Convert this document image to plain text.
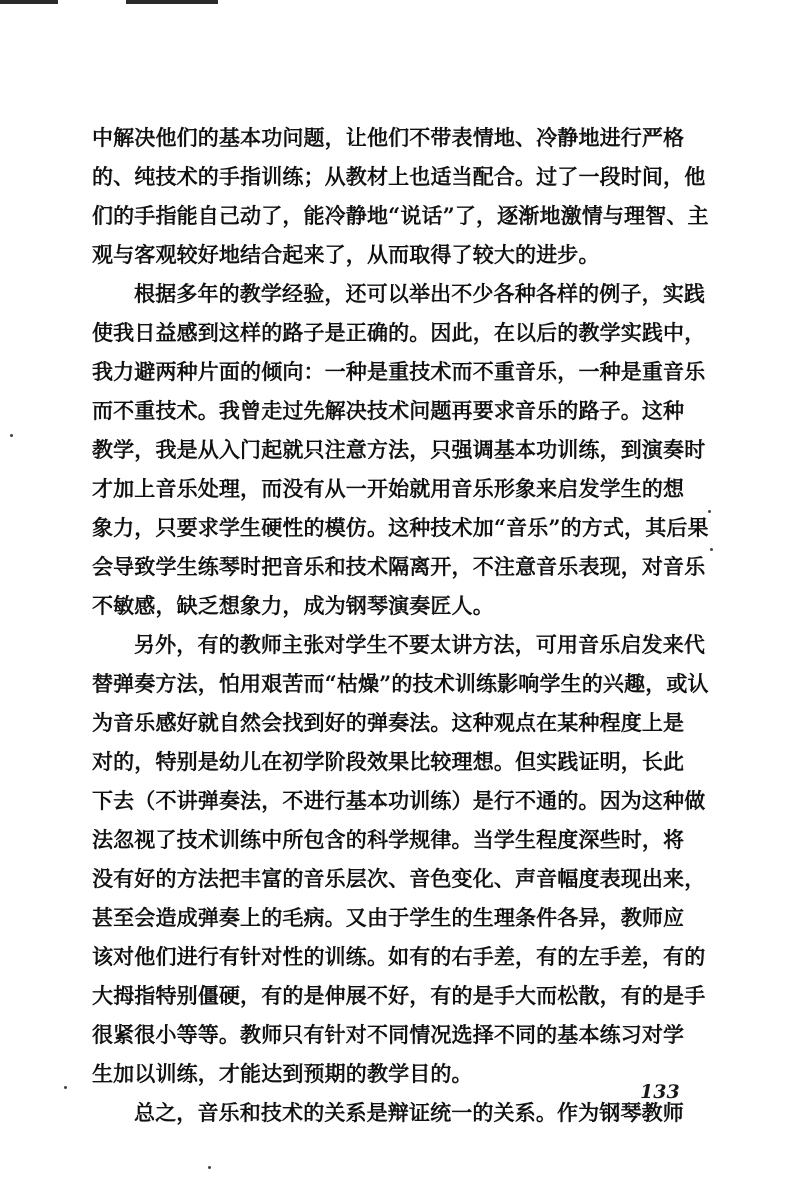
中解决他们的基本功问题，让他们不带表情地、冷静地进行严格
的、纯技术的手指训练；从教材上也适当配合。过了一段时间，他
们的手指能自己动了，能冷静地“说话”了，逐渐地激情与理智、主
观与客观较好地结合起来了，从而取得了较大的进步。
根据多年的教学经验，还可以举出不少各种各样的例子，实践
使我日益感到这样的路子是正确的。因此，在以后的教学实践中，
我力避两种片面的倾向：一种是重技术而不重音乐，一种是重音乐
而不重技术。我曾走过先解决技术问题再要求音乐的路子。这种
教学，我是从入门起就只注意方法，只强调基本功训练，到演奏时
才加上音乐处理，而没有从一开始就用音乐形象来启发学生的想
象力，只要求学生硬性的模仿。这种技术加“音乐”的方式，其后果
会导致学生练琴时把音乐和技术隔离开，不注意音乐表现，对音乐
不敏感，缺乏想象力，成为钢琴演奏匠人。
另外，有的教师主张对学生不要太讲方法，可用音乐启发来代
替弹奏方法，怕用艰苦而“枯燥”的技术训练影响学生的兴趣，或认
为音乐感好就自然会找到好的弹奏法。这种观点在某种程度上是
对的，特别是幼儿在初学阶段效果比较理想。但实践证明，长此
下去（不讲弹奏法，不进行基本功训练）是行不通的。因为这种做
法忽视了技术训练中所包含的科学规律。当学生程度深些时，将
没有好的方法把丰富的音乐层次、音色变化、声音幅度表现出来，
甚至会造成弹奏上的毛病。又由于学生的生理条件各异，教师应
该对他们进行有针对性的训练。如有的右手差，有的左手差，有的
大拇指特别僵硬，有的是伸展不好，有的是手大而松散，有的是手
很紧很小等等。教师只有针对不同情况选择不同的基本练习对学
生加以训练，才能达到预期的教学目的。
总之，音乐和技术的关系是辩证统一的关系。作为钢琴教师
133
